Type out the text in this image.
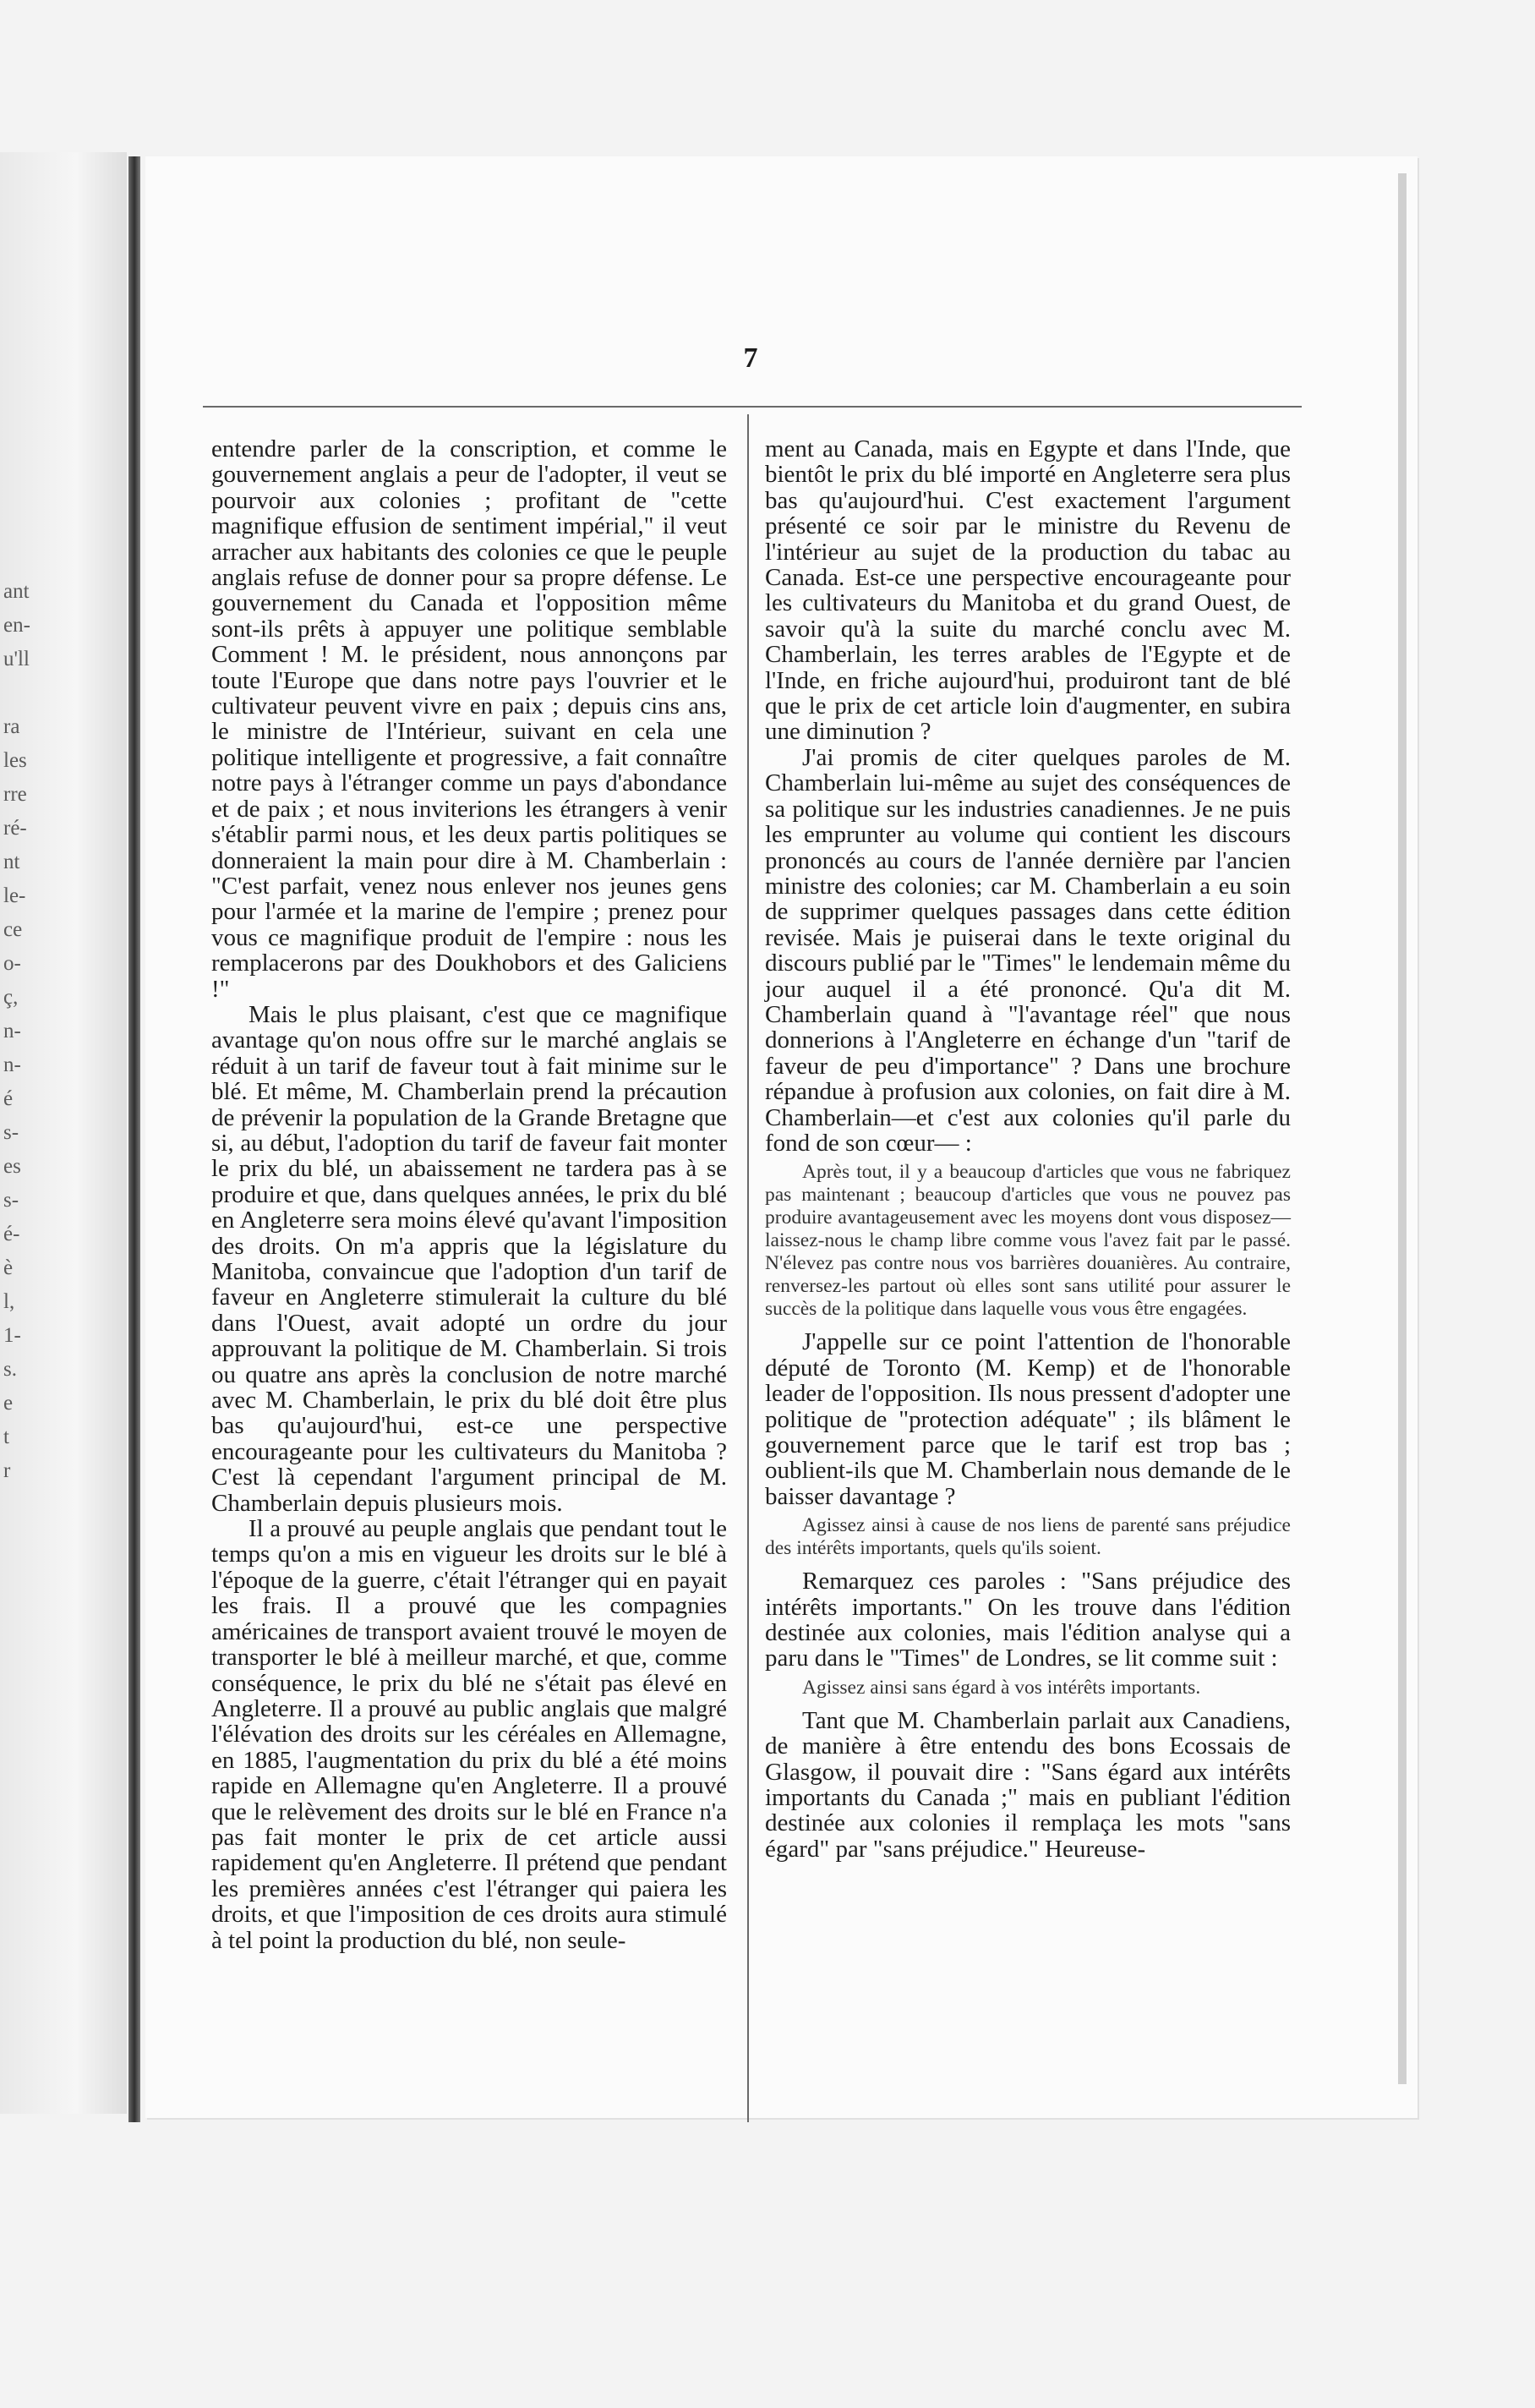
ant
en-
u'll

ra
les
rre
ré-
nt
le-
ce
o-
ç,
n-
n-
é
s-
es
s-
é-
è
l,
1-
s.
e
t
r
7

entendre parler de la conscription, et comme le gouvernement anglais a peur de l'adopter, il veut se pourvoir aux colonies ; profitant de "cette magnifique effusion de sentiment impérial," il veut arracher aux habitants des colonies ce que le peuple anglais refuse de donner pour sa propre défense. Le gouvernement du Canada et l'opposition même sont-ils prêts à appuyer une politique semblable Comment ! M. le président, nous annonçons par toute l'Europe que dans notre pays l'ouvrier et le cultivateur peuvent vivre en paix ; depuis cins ans, le ministre de l'Intérieur, suivant en cela une politique intelligente et progressive, a fait connaître notre pays à l'étranger comme un pays d'abondance et de paix ; et nous inviterions les étrangers à venir s'établir parmi nous, et les deux partis politiques se donneraient la main pour dire à M. Chamberlain : "C'est parfait, venez nous enlever nos jeunes gens pour l'armée et la marine de l'empire ; prenez pour vous ce magnifique produit de l'empire : nous les remplacerons par des Doukhobors et des Galiciens !"

Mais le plus plaisant, c'est que ce magnifique avantage qu'on nous offre sur le marché anglais se réduit à un tarif de faveur tout à fait minime sur le blé. Et même, M. Chamberlain prend la précaution de prévenir la population de la Grande Bretagne que si, au début, l'adoption du tarif de faveur fait monter le prix du blé, un abaissement ne tardera pas à se produire et que, dans quelques années, le prix du blé en Angleterre sera moins élevé qu'avant l'imposition des droits. On m'a appris que la législature du Manitoba, convaincue que l'adoption d'un tarif de faveur en Angleterre stimulerait la culture du blé dans l'Ouest, avait adopté un ordre du jour approuvant la politique de M. Chamberlain. Si trois ou quatre ans après la conclusion de notre marché avec M. Chamberlain, le prix du blé doit être plus bas qu'aujourd'hui, est-ce une perspective encourageante pour les cultivateurs du Manitoba ? C'est là cependant l'argument principal de M. Chamberlain depuis plusieurs mois.

Il a prouvé au peuple anglais que pendant tout le temps qu'on a mis en vigueur les droits sur le blé à l'époque de la guerre, c'était l'étranger qui en payait les frais. Il a prouvé que les compagnies américaines de transport avaient trouvé le moyen de transporter le blé à meilleur marché, et que, comme conséquence, le prix du blé ne s'était pas élevé en Angleterre. Il a prouvé au public anglais que malgré l'élévation des droits sur les céréales en Allemagne, en 1885, l'augmentation du prix du blé a été moins rapide en Allemagne qu'en Angleterre. Il a prouvé que le relèvement des droits sur le blé en France n'a pas fait monter le prix de cet article aussi rapidement qu'en Angleterre. Il prétend que pendant les premières années c'est l'étranger qui paiera les droits, et que l'imposition de ces droits aura stimulé à tel point la production du blé, non seule-

ment au Canada, mais en Egypte et dans l'Inde, que bientôt le prix du blé importé en Angleterre sera plus bas qu'aujourd'hui. C'est exactement l'argument présenté ce soir par le ministre du Revenu de l'intérieur au sujet de la production du tabac au Canada. Est-ce une perspective encourageante pour les cultivateurs du Manitoba et du grand Ouest, de savoir qu'à la suite du marché conclu avec M. Chamberlain, les terres arables de l'Egypte et de l'Inde, en friche aujourd'hui, produiront tant de blé que le prix de cet article loin d'augmenter, en subira une diminution ?

J'ai promis de citer quelques paroles de M. Chamberlain lui-même au sujet des conséquences de sa politique sur les industries canadiennes. Je ne puis les emprunter au volume qui contient les discours prononcés au cours de l'année dernière par l'ancien ministre des colonies; car M. Chamberlain a eu soin de supprimer quelques passages dans cette édition revisée. Mais je puiserai dans le texte original du discours publié par le "Times" le lendemain même du jour auquel il a été prononcé. Qu'a dit M. Chamberlain quand à "l'avantage réel" que nous donnerions à l'Angleterre en échange d'un "tarif de faveur de peu d'importance" ? Dans une brochure répandue à profusion aux colonies, on fait dire à M. Chamberlain—et c'est aux colonies qu'il parle du fond de son cœur— :

Après tout, il y a beaucoup d'articles que vous ne fabriquez pas maintenant ; beaucoup d'articles que vous ne pouvez pas produire avantageusement avec les moyens dont vous disposez—laissez-nous le champ libre comme vous l'avez fait par le passé. N'élevez pas contre nous vos barrières douanières. Au contraire, renversez-les partout où elles sont sans utilité pour assurer le succès de la politique dans laquelle vous vous être engagées.

J'appelle sur ce point l'attention de l'honorable député de Toronto (M. Kemp) et de l'honorable leader de l'opposition. Ils nous pressent d'adopter une politique de "protection adéquate" ; ils blâment le gouvernement parce que le tarif est trop bas ; oublient-ils que M. Chamberlain nous demande de le baisser davantage ?

Agissez ainsi à cause de nos liens de parenté sans préjudice des intérêts importants, quels qu'ils soient.

Remarquez ces paroles : "Sans préjudice des intérêts importants." On les trouve dans l'édition destinée aux colonies, mais l'édition analyse qui a paru dans le "Times" de Londres, se lit comme suit :

Agissez ainsi sans égard à vos intérêts importants.

Tant que M. Chamberlain parlait aux Canadiens, de manière à être entendu des bons Ecossais de Glasgow, il pouvait dire : "Sans égard aux intérêts importants du Canada ;" mais en publiant l'édition destinée aux colonies il remplaça les mots "sans égard" par "sans préjudice." Heureuse-
